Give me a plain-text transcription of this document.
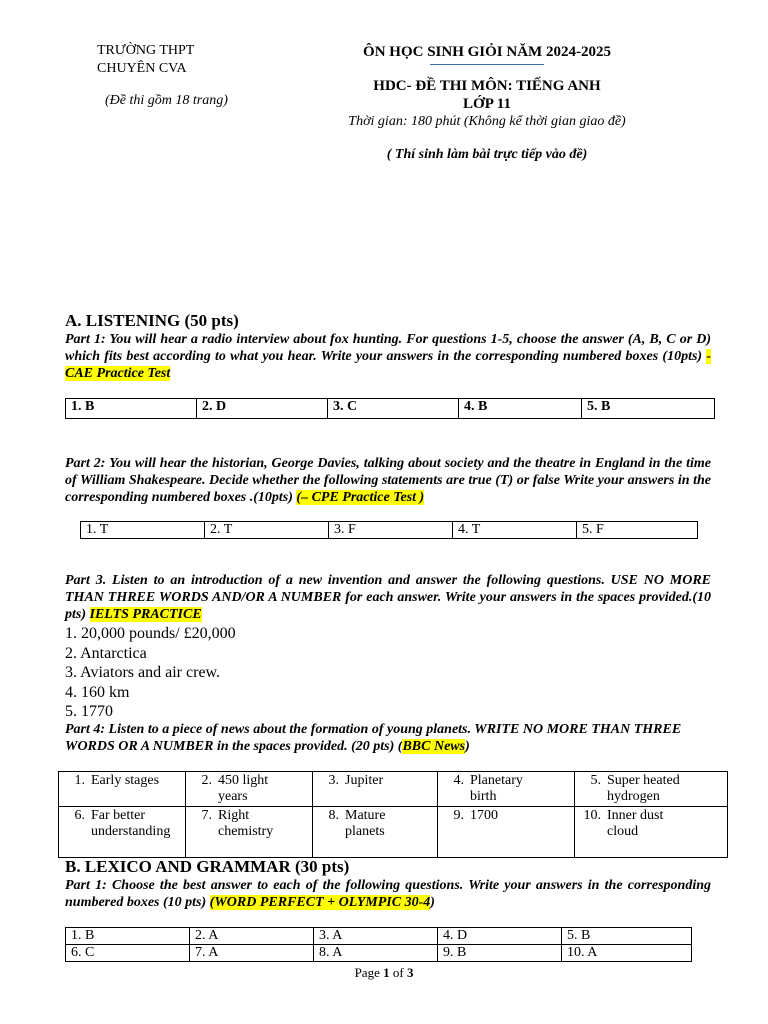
TRƯỜNG THPT
CHUYÊN CVA
(Đề thi gồm 18 trang)
ÔN HỌC SINH GIỎI NĂM 2024-2025
HDC- ĐỀ THI MÔN: TIẾNG ANH
LỚP 11
Thời gian: 180 phút (Không kể thời gian giao đề)
( Thí sinh làm bài trực tiếp vào đề)
A. LISTENING (50 pts)
Part 1: You will hear a radio interview about fox hunting. For questions 1-5, choose the answer (A, B, C or D) which fits best according to what you hear. Write your answers in the corresponding numbered boxes (10pts) - CAE Practice Test
1. B	2. D	3. C	4. B	5. B
Part 2: You will hear the historian, George Davies, talking about society and the theatre in England in the time of William Shakespeare. Decide whether the following statements are true (T) or false Write your answers in the corresponding numbered boxes .(10pts) (– CPE Practice Test )
1. T	2. T	3. F	4. T	5. F
Part 3. Listen to an introduction of a new invention and answer the following questions. USE NO MORE THAN THREE WORDS AND/OR A NUMBER for each answer. Write your answers in the spaces provided.(10 pts) IELTS PRACTICE
1. 20,000 pounds/ £20,000
2. Antarctica
3. Aviators and air crew.
4. 160 km
5. 1770
Part 4: Listen to a piece of news about the formation of young planets. WRITE NO MORE THAN THREE WORDS OR A NUMBER in the spaces provided. (20 pts) (BBC News)
1. Early stages	2. 450 light years	3. Jupiter	4. Planetary birth	5. Super heated hydrogen
6. Far better understanding	7. Right chemistry	8. Mature planets	9. 1700	10. Inner dust cloud
B. LEXICO AND GRAMMAR (30 pts)
Part 1: Choose the best answer to each of the following questions. Write your answers in the corresponding numbered boxes (10 pts) (WORD PERFECT + OLYMPIC 30-4)
1. B	2. A	3. A	4. D	5. B
6. C	7. A	8. A	9. B	10. A
Page 1 of 3
